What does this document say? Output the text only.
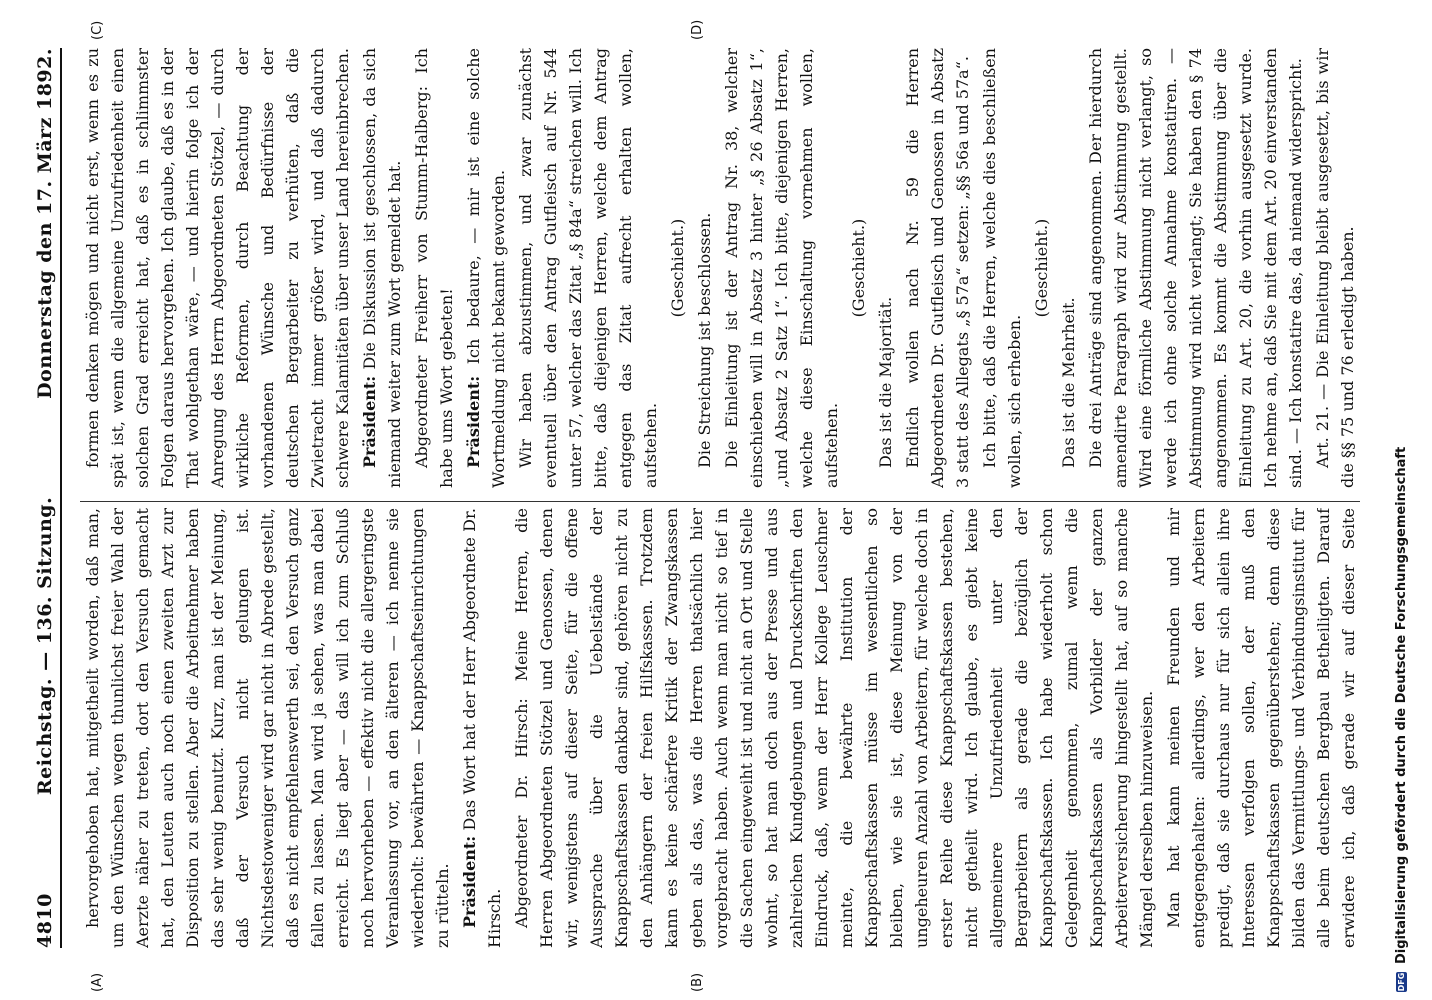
4810
Reichstag. — 136. Sitzung.
Donnerstag den 17. März 1892.
(A)	(B)
(C)	(D)

hervorgehoben hat, mitgetheilt worden, daß man, um den Wünschen wegen thunlichst freier Wahl der Aerzte näher zu treten, dort den Versuch gemacht hat, den Leuten auch noch einen zweiten Arzt zur Disposition zu stellen. Aber die Arbeitnehmer haben das sehr wenig benutzt. Kurz, man ist der Meinung, daß der Versuch nicht gelungen ist. Nichtsdestoweniger wird gar nicht in Abrede gestellt, daß es nicht empfehlenswerth sei, den Versuch ganz fallen zu lassen. Man wird ja sehen, was man dabei erreicht. Es liegt aber — das will ich zum Schluß noch hervorheben — effektiv nicht die allergeringste Veranlassung vor, an den älteren — ich nenne sie wiederholt: bewährten — Knappschaftseinrichtungen zu rütteln. Präsident: Das Wort hat der Herr Abgeordnete Dr. Hirsch. Abgeordneter Dr. Hirsch: Meine Herren, die Herren Abgeordneten Stötzel und Genossen, denen wir, wenigstens auf dieser Seite, für die offene Aussprache über die Uebelstände der Knappschaftskassen dankbar sind, gehören nicht zu den Anhängern der freien Hilfskassen. Trotzdem kann es keine schärfere Kritik der Zwangskassen geben als das, was die Herren thatsächlich hier vorgebracht haben. Auch wenn man nicht so tief in die Sachen eingeweiht ist und nicht an Ort und Stelle wohnt, so hat man doch aus der Presse und aus zahlreichen Kundgebungen und Druckschriften den Eindruck, daß, wenn der Herr Kollege Leuschner meinte, die bewährte Institution der Knappschaftskassen müsse im wesentlichen so bleiben, wie sie ist, diese Meinung von der ungeheuren Anzahl von Arbeitern, für welche doch in erster Reihe diese Knappschaftskassen bestehen, nicht getheilt wird. Ich glaube, es giebt keine allgemeinere Unzufriedenheit unter den Bergarbeitern als gerade die bezüglich der Knappschaftskassen. Ich habe wiederholt schon Gelegenheit genommen, zumal wenn die Knappschaftskassen als Vorbilder der ganzen Arbeiterversicherung hingestellt hat, auf so manche Mängel derselben hinzuweisen. Man hat kann meinen Freunden und mir entgegengehalten: allerdings, wer den Arbeitern predigt, daß sie durchaus nur für sich allein ihre Interessen verfolgen sollen, der muß den Knappschaftskassen gegenüberstehen; denn diese bilden das Vermittlungs- und Verbindungsinstitut für alle beim deutschen Bergbau Betheiligten. Darauf erwidere ich, daß gerade wir auf dieser Seite

formen denken mögen und nicht erst, wenn es zu spät ist, wenn die allgemeine Unzufriedenheit einen solchen Grad erreicht hat, daß es in schlimmster Folgen daraus hervorgehen. Ich glaube, daß es in der That wohlgethan wäre, — und hierin folge ich der Anregung des Herrn Abgeordneten Stötzel, — durch wirkliche Reformen, durch Beachtung der vorhandenen Wünsche und Bedürfnisse der deutschen Bergarbeiter zu verhüten, daß die Zwietracht immer größer wird, und daß dadurch schwere Kalamitäten über unser Land hereinbrechen. Präsident: Die Diskussion ist geschlossen, da sich niemand weiter zum Wort gemeldet hat. Abgeordneter Freiherr von Stumm-Halberg: Ich habe ums Wort gebeten! Präsident: Ich bedaure, — mir ist eine solche Wortmeldung nicht bekannt geworden. Wir haben abzustimmen, und zwar zunächst eventuell über den Antrag Gutfleisch auf Nr. 544 unter 57, welcher das Zitat „§ 84a“ streichen will. Ich bitte, daß diejenigen Herren, welche dem Antrag entgegen das Zitat aufrecht erhalten wollen, aufstehen.

(Geschieht.) Die Streichung ist beschlossen. Die Einleitung ist der Antrag Nr. 38, welcher einschieben will in Absatz 3 hinter „§ 26 Absatz 1“, „und Absatz 2 Satz 1“. Ich bitte, diejenigen Herren, welche diese Einschaltung vornehmen wollen, aufstehen.

(Geschieht.)

Das ist die Majorität. Endlich wollen nach Nr. 59 die Herren Abgeordneten Dr. Gutfleisch und Genossen in Absatz 3 statt des Allegats „§ 57a“ setzen: „§§ 56a und 57a“. Ich bitte, daß die Herren, welche dies beschließen wollen, sich erheben.

(Geschieht.)

Das ist die Mehrheit. Die drei Anträge sind angenommen. Der hierdurch amendirte Paragraph wird zur Abstimmung gestellt. Wird eine förmliche Abstimmung nicht verlangt, so werde ich ohne solche Annahme konstatiren. — Abstimmung wird nicht verlangt; Sie haben den § 74 angenommen. Es kommt die Abstimmung über die Einleitung zu Art. 20, die vorhin ausgesetzt wurde. Ich nehme an, daß Sie mit dem Art. 20 einverstanden sind. — Ich konstatire das, da niemand widerspricht. Art. 21. — Die Einleitung bleibt ausgesetzt, bis wir die §§ 75 und 76 erledigt haben.

DFG
Digitalisierung gefördert durch die Deutsche Forschungsgemeinschaft
